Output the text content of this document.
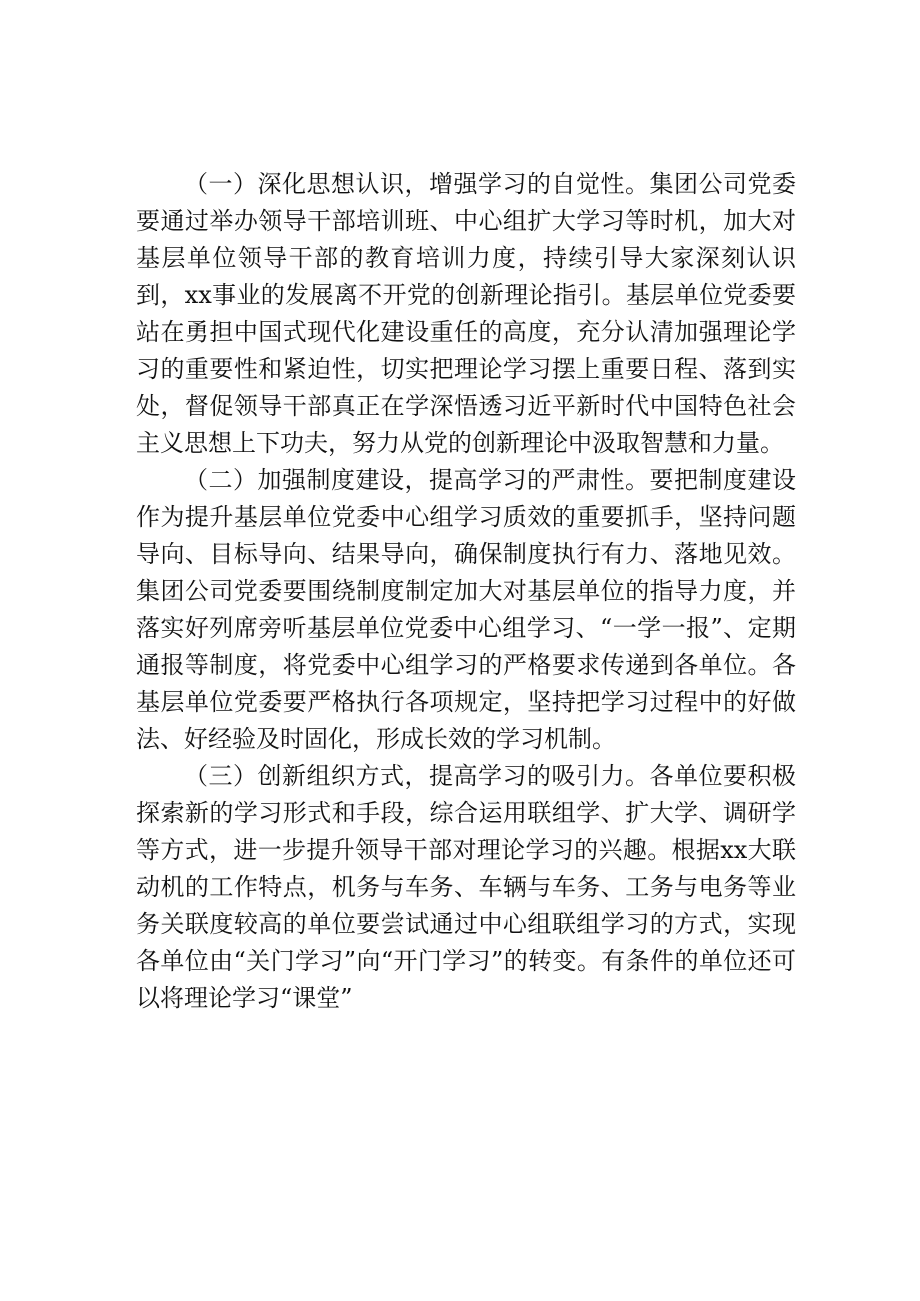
（一）深化思想认识，增强学习的自觉性。集团公司党委要通过举办领导干部培训班、中心组扩大学习等时机，加大对基层单位领导干部的教育培训力度，持续引导大家深刻认识到，xx事业的发展离不开党的创新理论指引。基层单位党委要站在勇担中国式现代化建设重任的高度，充分认清加强理论学习的重要性和紧迫性，切实把理论学习摆上重要日程、落到实处，督促领导干部真正在学深悟透习近平新时代中国特色社会主义思想上下功夫，努力从党的创新理论中汲取智慧和力量。

（二）加强制度建设，提高学习的严肃性。要把制度建设作为提升基层单位党委中心组学习质效的重要抓手，坚持问题导向、目标导向、结果导向，确保制度执行有力、落地见效。集团公司党委要围绕制度制定加大对基层单位的指导力度，并落实好列席旁听基层单位党委中心组学习、“一学一报”、定期通报等制度，将党委中心组学习的严格要求传递到各单位。各基层单位党委要严格执行各项规定，坚持把学习过程中的好做法、好经验及时固化，形成长效的学习机制。

（三）创新组织方式，提高学习的吸引力。各单位要积极探索新的学习形式和手段，综合运用联组学、扩大学、调研学等方式，进一步提升领导干部对理论学习的兴趣。根据xx大联动机的工作特点，机务与车务、车辆与车务、工务与电务等业务关联度较高的单位要尝试通过中心组联组学习的方式，实现各单位由“关门学习”向“开门学习”的转变。有条件的单位还可以将理论学习“课堂”
